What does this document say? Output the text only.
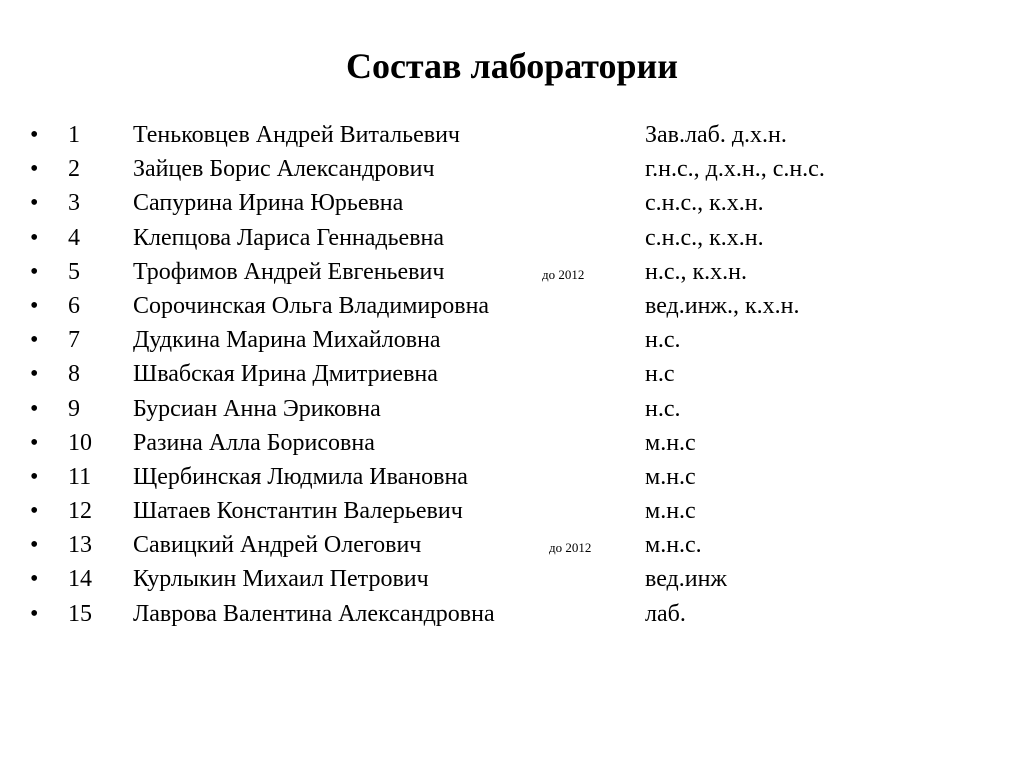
Состав лаборатории
• 1 Теньковцев Андрей Витальевич	Зав.лаб. д.х.н.
• 2 Зайцев Борис Александрович	г.н.с., д.х.н., с.н.с.
• 3 Сапурина Ирина Юрьевна	с.н.с., к.х.н.
• 4 Клепцова Лариса Геннадьевна	с.н.с., к.х.н.
• 5 Трофимов Андрей Евгеньевич	до 2012	н.с., к.х.н.
• 6 Сорочинская Ольга Владимировна	вед.инж., к.х.н.
• 7 Дудкина Марина Михайловна	н.с.
• 8 Швабская Ирина Дмитриевна	н.с
• 9 Бурсиан Анна Эриковна	н.с.
• 10 Разина Алла Борисовна	м.н.с
• 11 Щербинская Людмила Ивановна	м.н.с
• 12 Шатаев Константин Валерьевич	м.н.с
• 13 Савицкий Андрей Олегович	до 2012 м.н.с.
• 14 Курлыкин Михаил Петрович	вед.инж
• 15 Лаврова Валентина Александровна	лаб.
